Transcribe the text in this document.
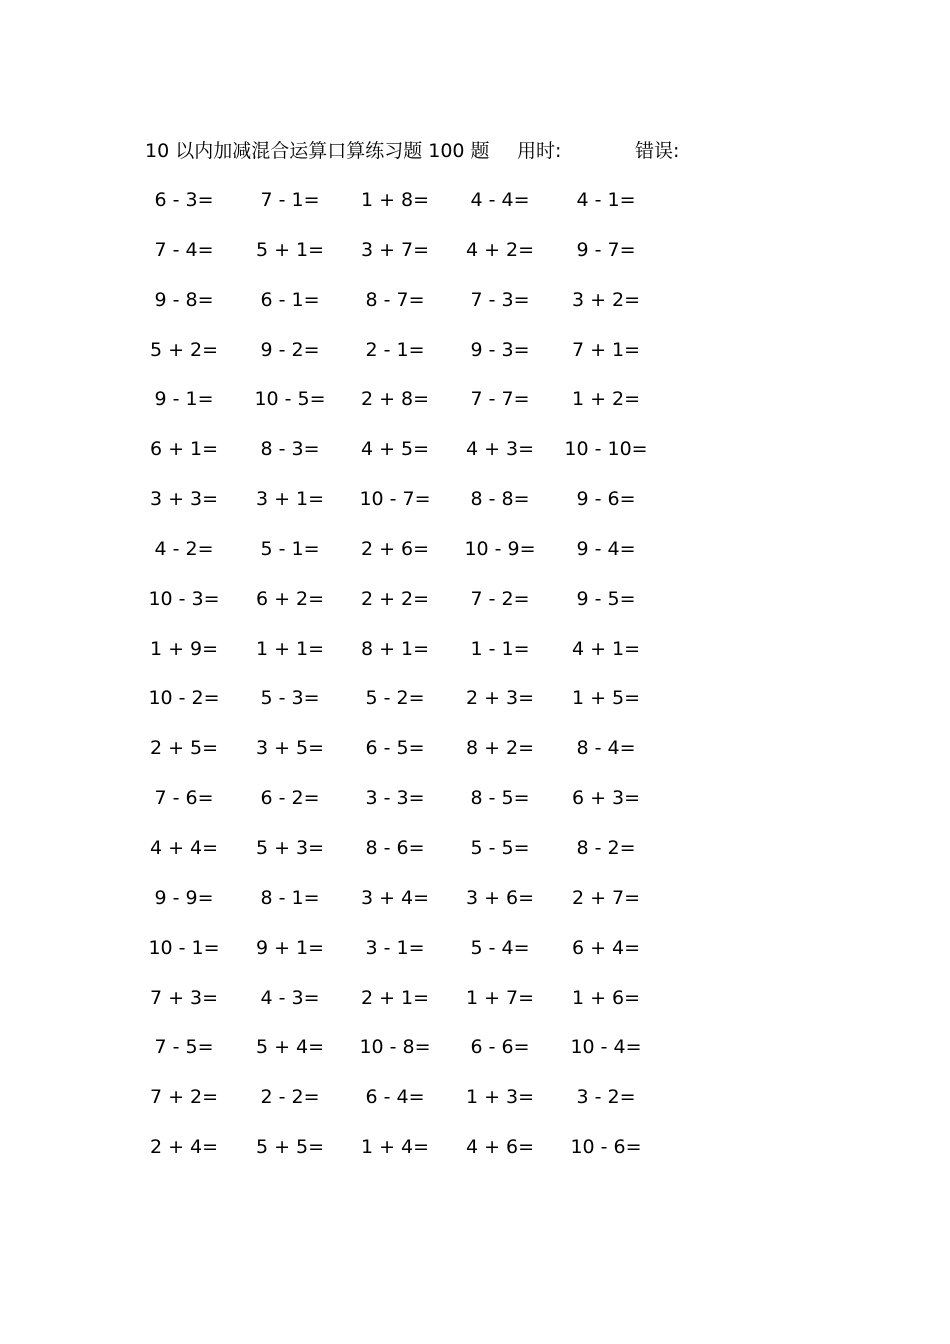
10 以内加减混合运算口算练习题 100 题 用时:	错误:
6 - 3=	7 - 1=	1 + 8=	4 - 4=	4 - 1=
7 - 4=	5 + 1=	3 + 7=	4 + 2=	9 - 7=
9 - 8=	6 - 1=	8 - 7=	7 - 3=	3 + 2=
5 + 2=	9 - 2=	2 - 1=	9 - 3=	7 + 1=
9 - 1=	10 - 5=	2 + 8=	7 - 7=	1 + 2=
6 + 1=	8 - 3=	4 + 5=	4 + 3=	10 - 10=
3 + 3=	3 + 1=	10 - 7=	8 - 8=	9 - 6=
4 - 2=	5 - 1=	2 + 6=	10 - 9=	9 - 4=
10 - 3=	6 + 2=	2 + 2=	7 - 2=	9 - 5=
1 + 9=	1 + 1=	8 + 1=	1 - 1=	4 + 1=
10 - 2=	5 - 3=	5 - 2=	2 + 3=	1 + 5=
2 + 5=	3 + 5=	6 - 5=	8 + 2=	8 - 4=
7 - 6=	6 - 2=	3 - 3=	8 - 5=	6 + 3=
4 + 4=	5 + 3=	8 - 6=	5 - 5=	8 - 2=
9 - 9=	8 - 1=	3 + 4=	3 + 6=	2 + 7=
10 - 1=	9 + 1=	3 - 1=	5 - 4=	6 + 4=
7 + 3=	4 - 3=	2 + 1=	1 + 7=	1 + 6=
7 - 5=	5 + 4=	10 - 8=	6 - 6=	10 - 4=
7 + 2=	2 - 2=	6 - 4=	1 + 3=	3 - 2=
2 + 4=	5 + 5=	1 + 4=	4 + 6=	10 - 6=
